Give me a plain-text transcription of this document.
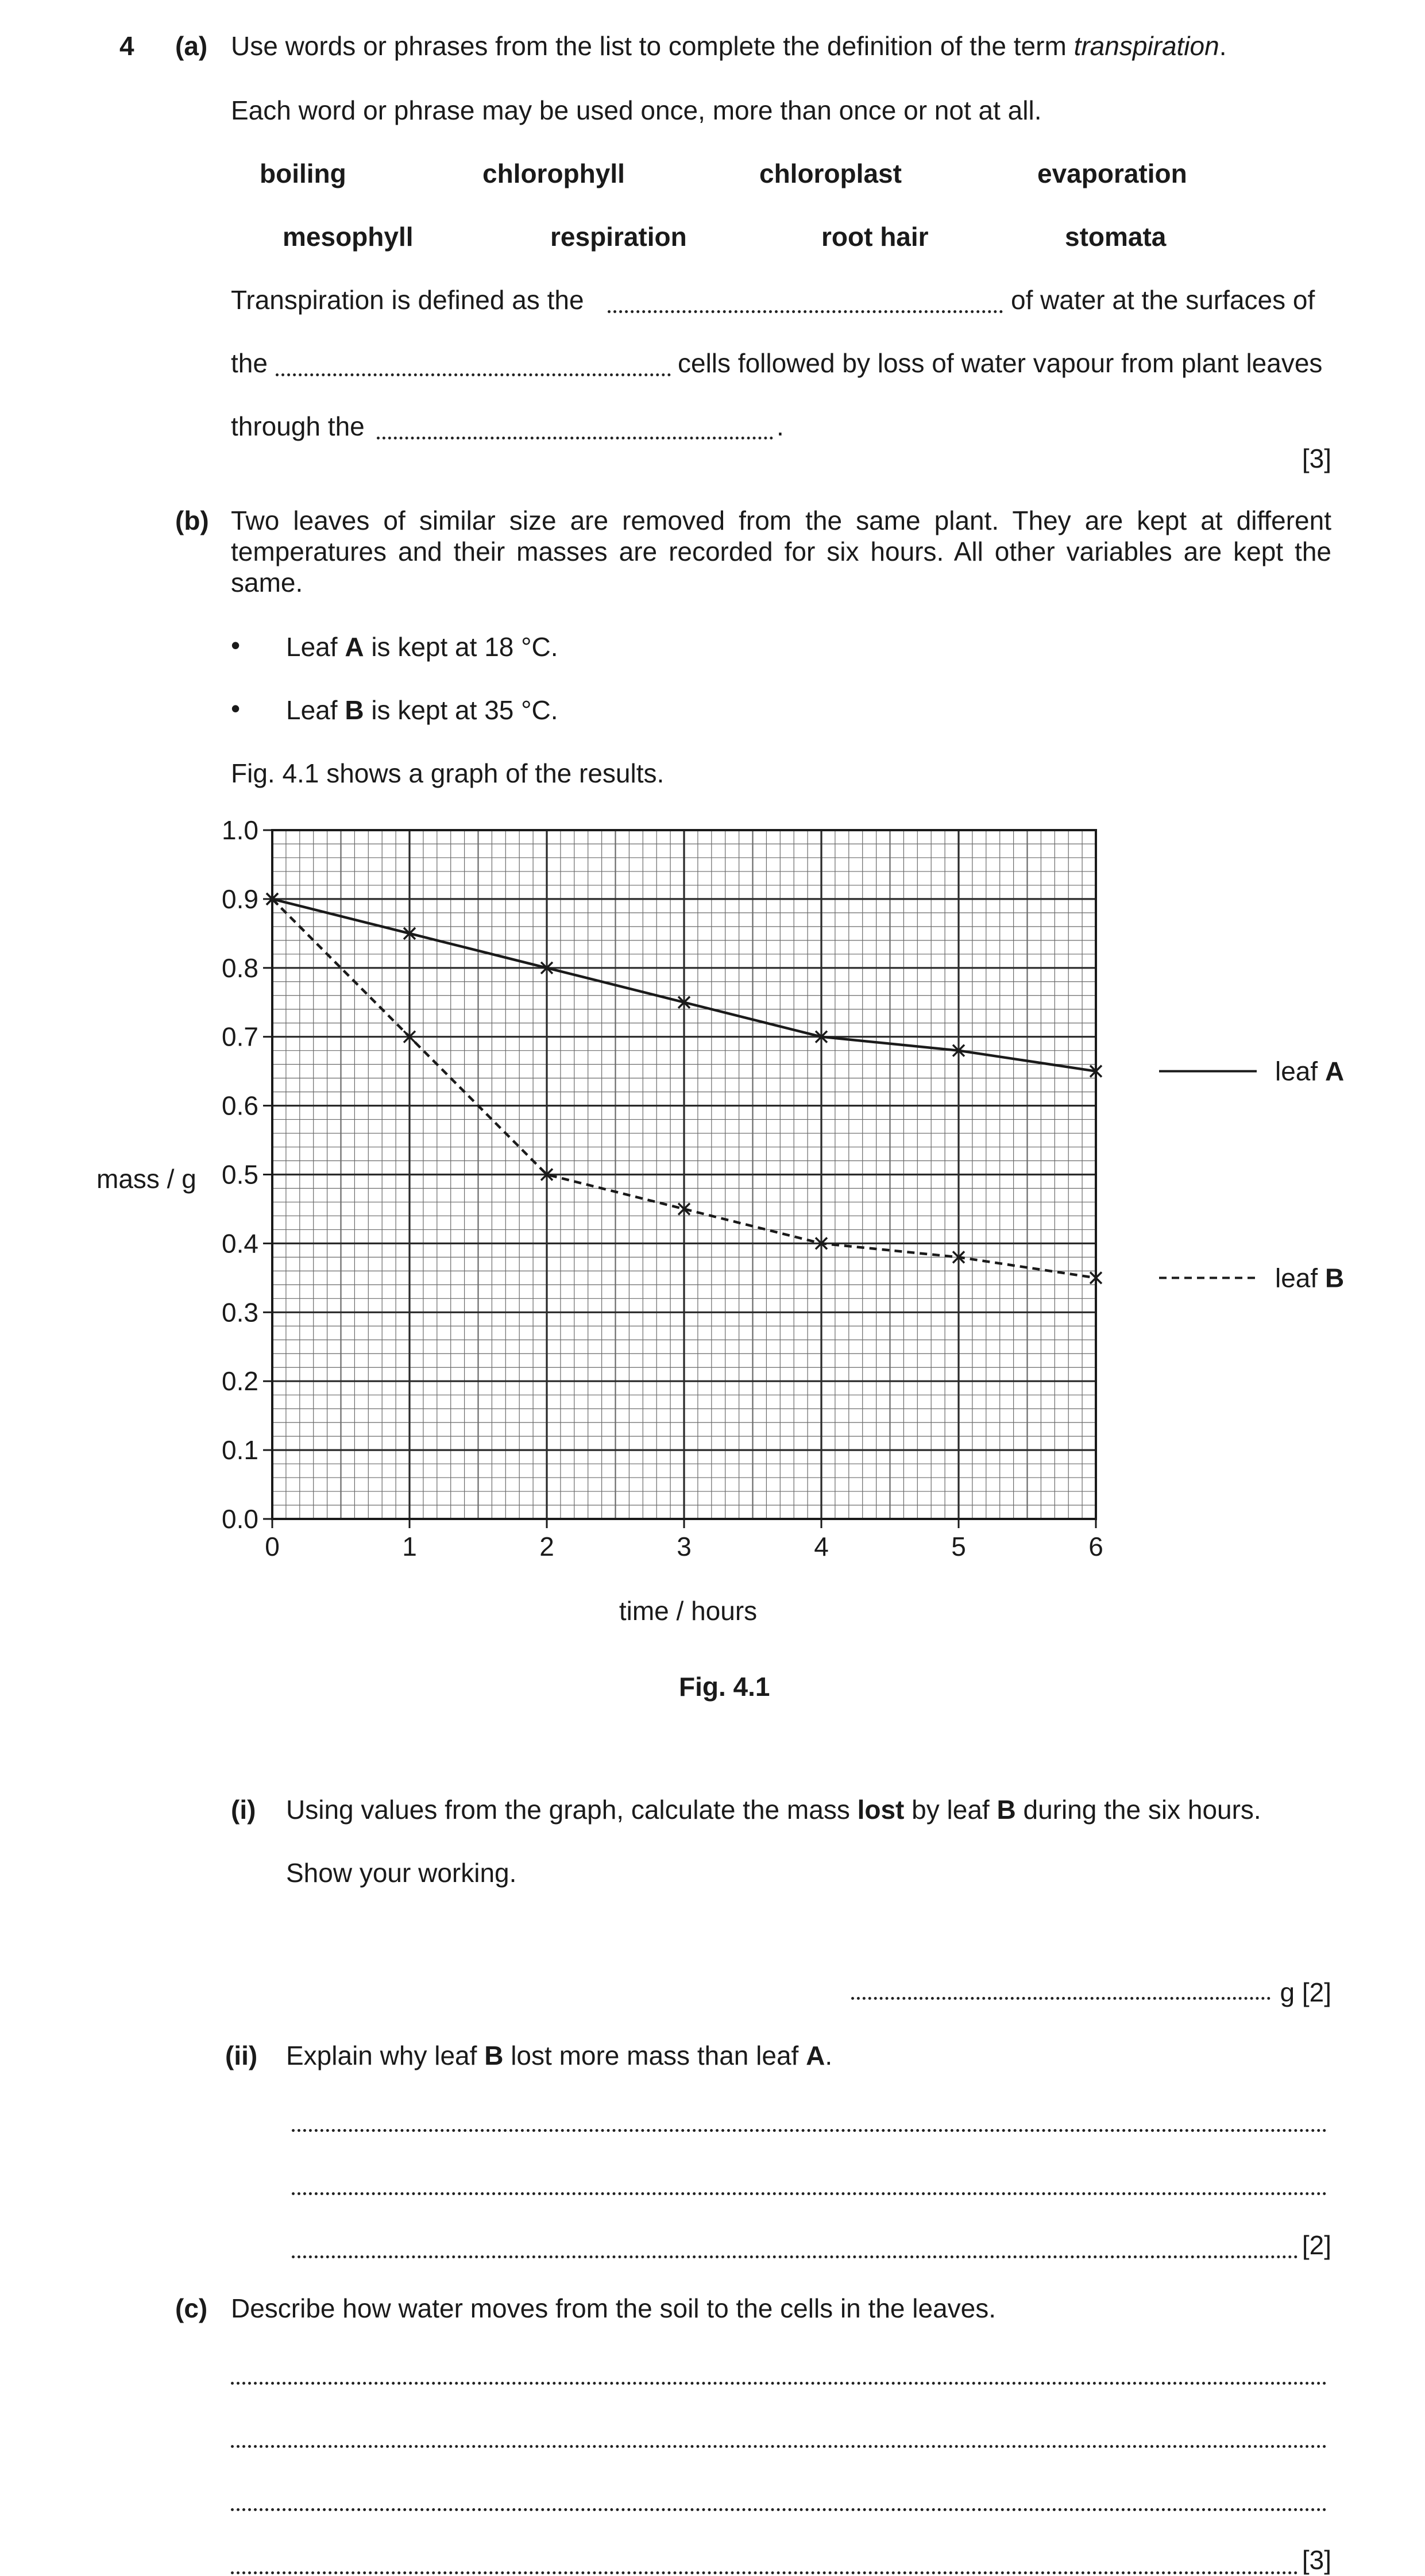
4 (a) Use words or phrases from the list to complete the definition of the term transpiration.
Each word or phrase may be used once, more than once or not at all.
boiling	chlorophyll	chloroplast	evaporation
mesophyll	respiration	root hair	stomata
Transpiration is defined as the	of water at the surfaces of
the	cells followed by loss of water vapour from plant leaves
through the	.
[3]
(b) Two leaves of similar size are removed from the same plant. They are kept at different
temperatures and their masses are recorded for six hours. All other variables are kept the
same.
• Leaf A is kept at 18 °C.
• Leaf B is kept at 35 °C.
Fig. 4.1 shows a graph of the results.
0	1	2	3	4	5	6
0.0
0.1
0.2
0.3
0.4
0.5
0.6
0.7
0.8
0.9
1.0
leaf A
leaf B
time / hours
mass / g
Fig. 4.1
(i) Using values from the graph, calculate the mass lost by leaf B during the six hours.
Show your working.
g [2]
(ii) Explain why leaf B lost more mass than leaf A.
[2]
(c) Describe how water moves from the soil to the cells in the leaves.
[3]
